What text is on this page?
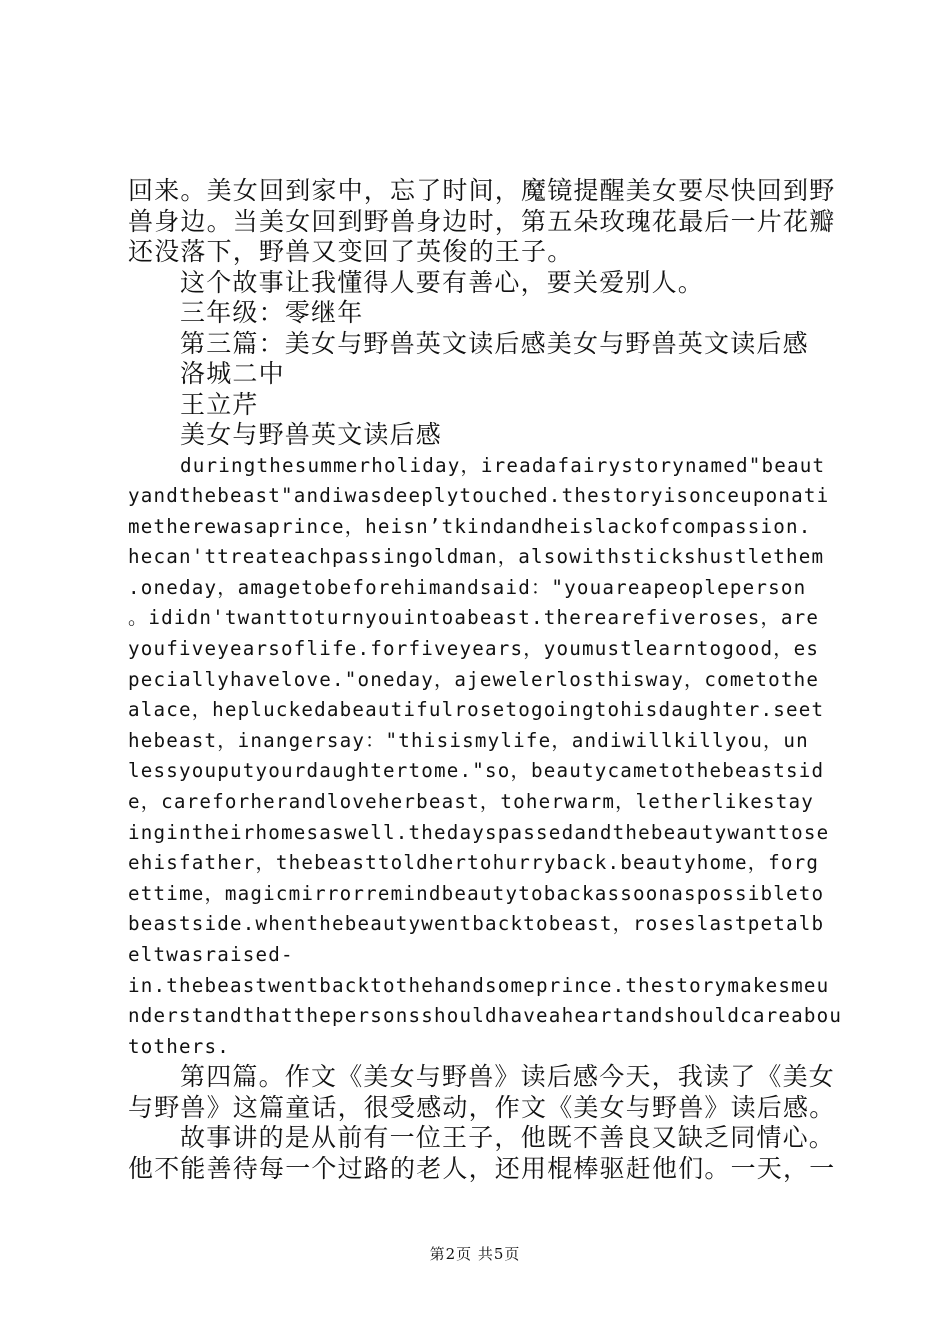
回来。美女回到家中，忘了时间，魔镜提醒美女要尽快回到野

兽身边。当美女回到野兽身边时，第五朵玫瑰花最后一片花瓣

还没落下，野兽又变回了英俊的王子。

这个故事让我懂得人要有善心，要关爱别人。

三年级：零继年

第三篇：美女与野兽英文读后感美女与野兽英文读后感

洛城二中

王立芹

美女与野兽英文读后感

duringthesummerholiday，ireadafairystorynamed"beaut

yandthebeast"andiwasdeeplytouched.thestoryisonceuponati

metherewasaprince，heisn’tkindandheislackofcompassion.

hecan'ttreateachpassingoldman，alsowithstickshustlethem

.oneday，amagetobeforehimandsaid："youareapeopleperson

。ididn'twanttoturnyouintoabeast.therearefiveroses，are

youfiveyearsoflife.forfiveyears，youmustlearntogood，es

peciallyhavelove."oneday，ajewelerlosthisway，cometothe

alace，hepluckedabeautifulrosetogoingtohisdaughter.seet

hebeast，inangersay："thisismylife，andiwillkillyou，un

lessyouputyourdaughtertome."so，beautycametothebeastsid

e，careforherandloveherbeast，toherwarm，letherlikestay

ingintheirhomesaswell.thedayspassedandthebeautywanttose

ehisfather，thebeasttoldhertohurryback.beautyhome，forg

ettime，magicmirrorremindbeautytobackassoonaspossibleto

beastside.whenthebeautywentbacktobeast，roseslastpetalb

eltwasraised-

in.thebeastwentbacktothehandsomeprince.thestorymakesmeu

nderstandthatthepersonsshouldhaveaheartandshouldcareabou

tothers.

第四篇。作文《美女与野兽》读后感今天，我读了《美女

与野兽》这篇童话，很受感动，作文《美女与野兽》读后感。

故事讲的是从前有一位王子，他既不善良又缺乏同情心。

他不能善待每一个过路的老人，还用棍棒驱赶他们。一天，一

第2页 共5页
